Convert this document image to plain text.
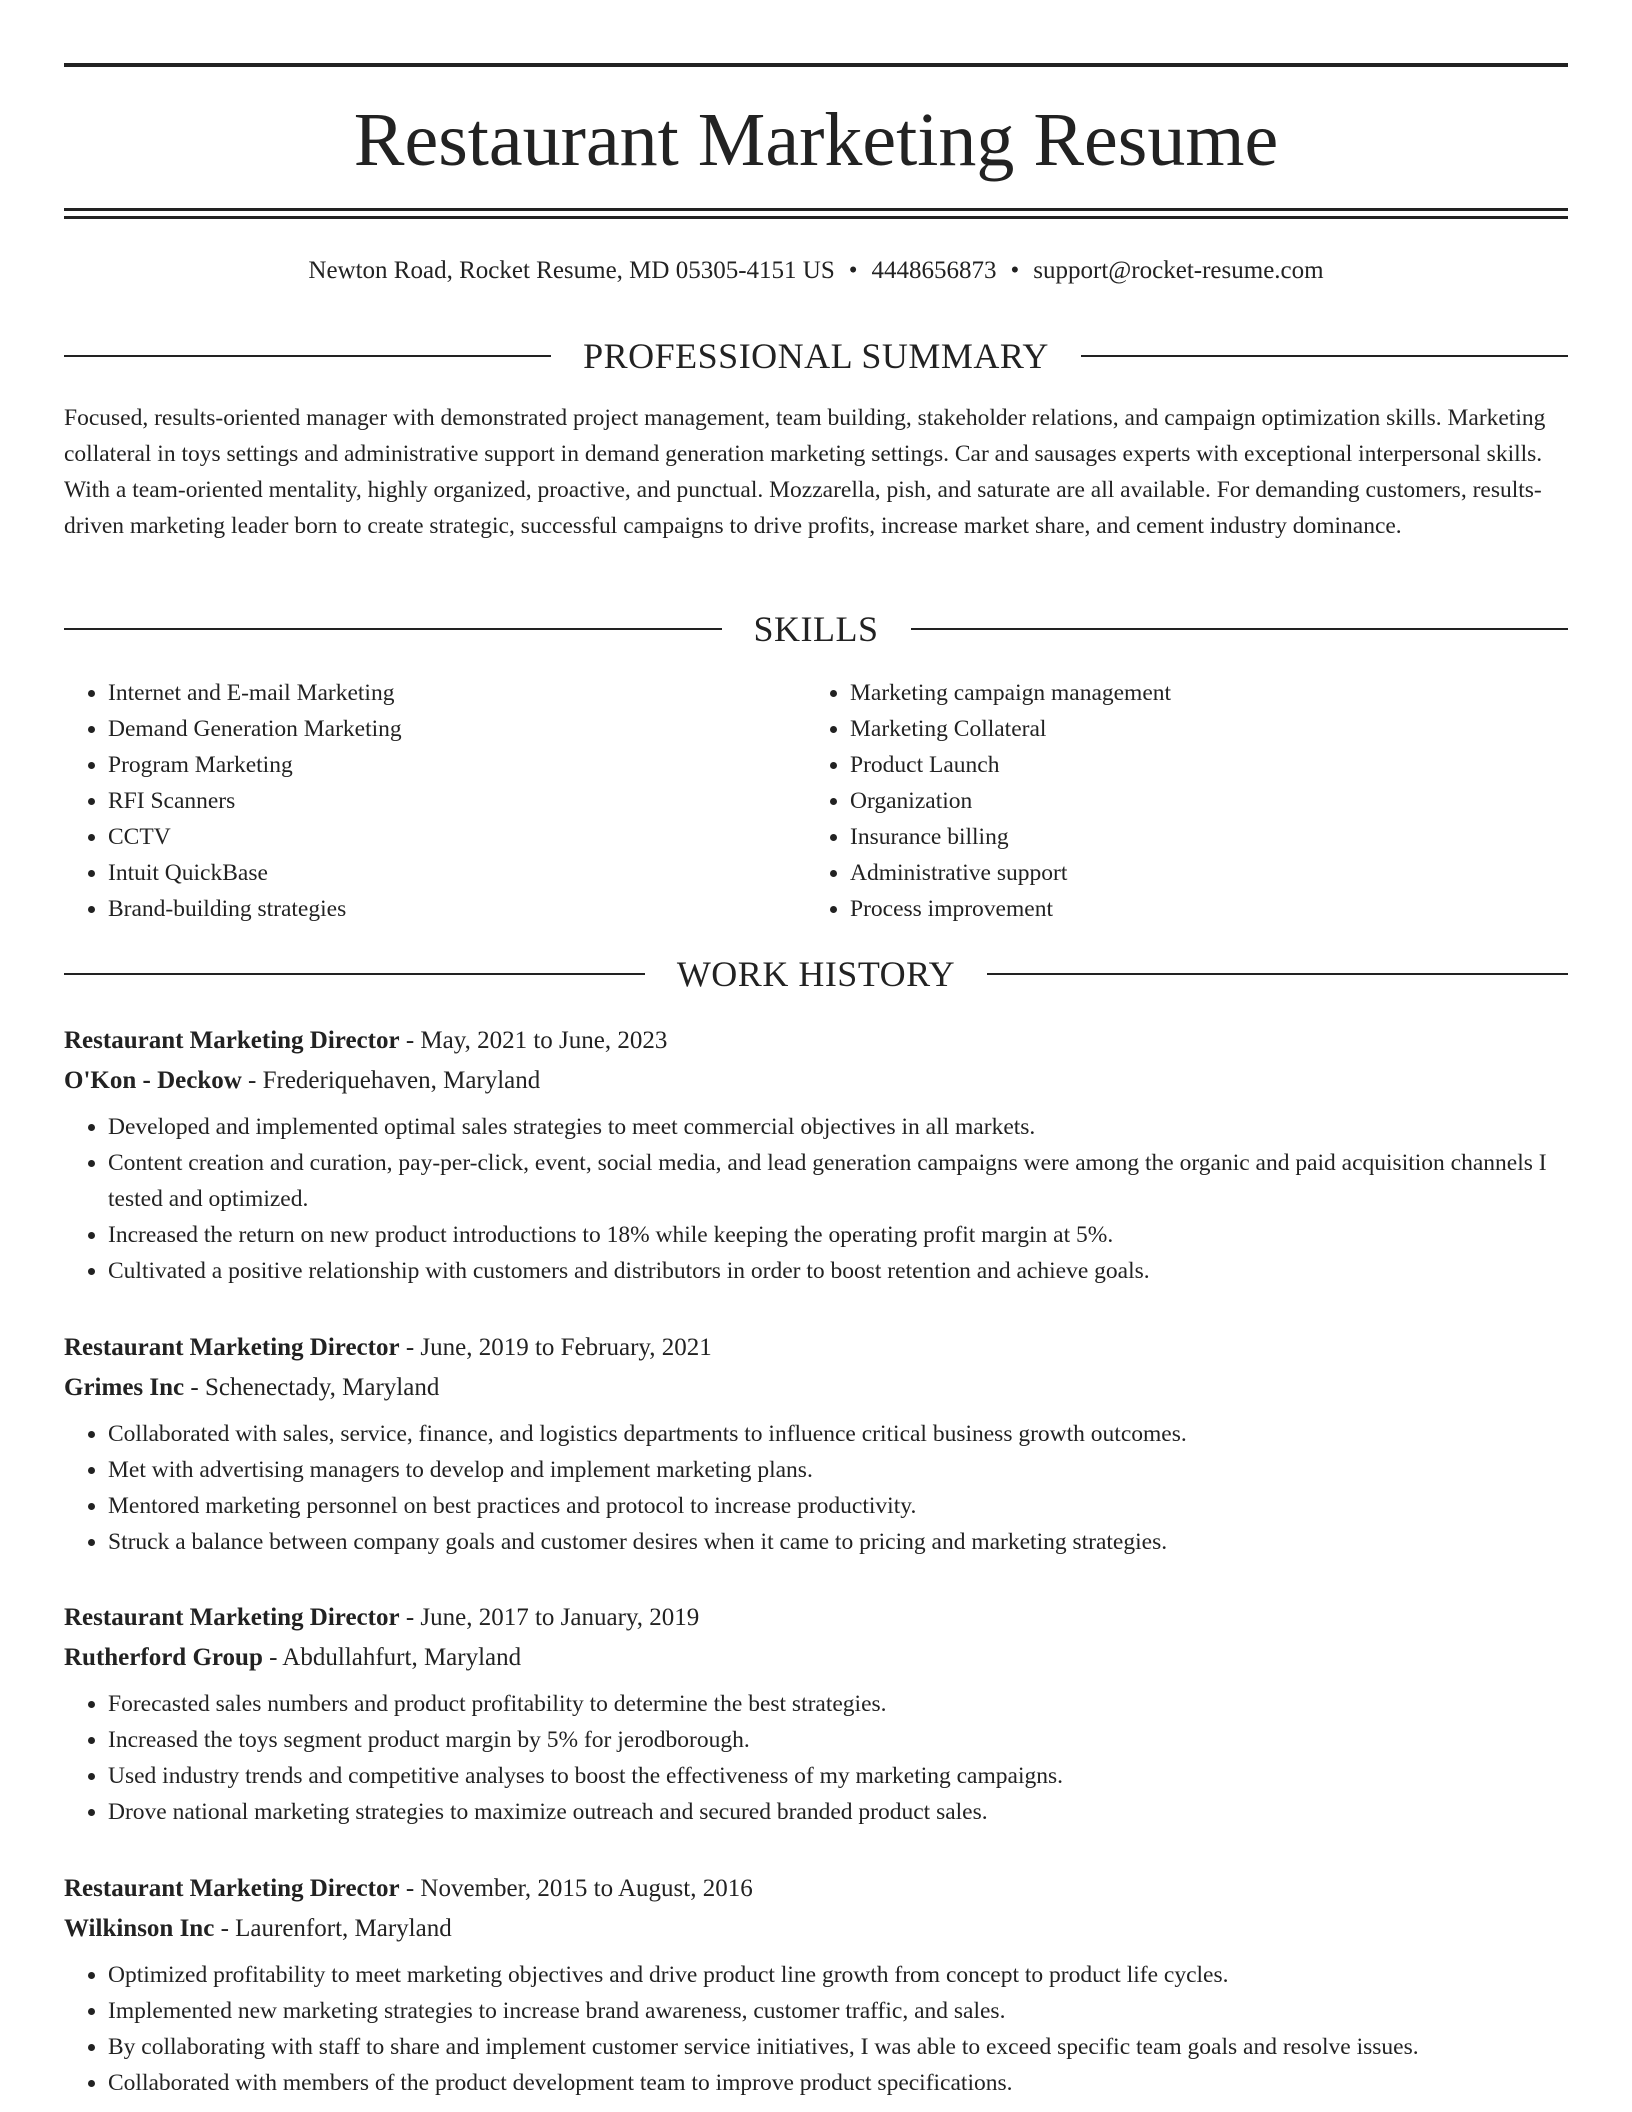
Restaurant Marketing Resume
Newton Road, Rocket Resume, MD 05305-4151 US • 4448656873 • support@rocket-resume.com
PROFESSIONAL SUMMARY

Focused, results-oriented manager with demonstrated project management, team building, stakeholder relations, and campaign optimization skills. Marketing collateral in toys settings and administrative support in demand generation marketing settings. Car and sausages experts with exceptional interpersonal skills. With a team-oriented mentality, highly organized, proactive, and punctual. Mozzarella, pish, and saturate are all available. For demanding customers, results-driven marketing leader born to create strategic, successful campaigns to drive profits, increase market share, and cement industry dominance.

SKILLS
• Internet and E-mail Marketing
• Demand Generation Marketing
• Program Marketing
• RFI Scanners
• CCTV
• Intuit QuickBase
• Brand-building strategies
• Marketing campaign management
• Marketing Collateral
• Product Launch
• Organization
• Insurance billing
• Administrative support
• Process improvement
WORK HISTORY
Restaurant Marketing Director - May, 2021 to June, 2023
O'Kon - Deckow - Frederiquehaven, Maryland
• Developed and implemented optimal sales strategies to meet commercial objectives in all markets.
• Content creation and curation, pay-per-click, event, social media, and lead generation campaigns were among the organic and paid acquisition channels I tested and optimized.
• Increased the return on new product introductions to 18% while keeping the operating profit margin at 5%.
• Cultivated a positive relationship with customers and distributors in order to boost retention and achieve goals.
Restaurant Marketing Director - June, 2019 to February, 2021
Grimes Inc - Schenectady, Maryland
• Collaborated with sales, service, finance, and logistics departments to influence critical business growth outcomes.
• Met with advertising managers to develop and implement marketing plans.
• Mentored marketing personnel on best practices and protocol to increase productivity.
• Struck a balance between company goals and customer desires when it came to pricing and marketing strategies.
Restaurant Marketing Director - June, 2017 to January, 2019
Rutherford Group - Abdullahfurt, Maryland
• Forecasted sales numbers and product profitability to determine the best strategies.
• Increased the toys segment product margin by 5% for jerodborough.
• Used industry trends and competitive analyses to boost the effectiveness of my marketing campaigns.
• Drove national marketing strategies to maximize outreach and secured branded product sales.
Restaurant Marketing Director - November, 2015 to August, 2016
Wilkinson Inc - Laurenfort, Maryland
• Optimized profitability to meet marketing objectives and drive product line growth from concept to product life cycles.
• Implemented new marketing strategies to increase brand awareness, customer traffic, and sales.
• By collaborating with staff to share and implement customer service initiatives, I was able to exceed specific team goals and resolve issues.
• Collaborated with members of the product development team to improve product specifications.
